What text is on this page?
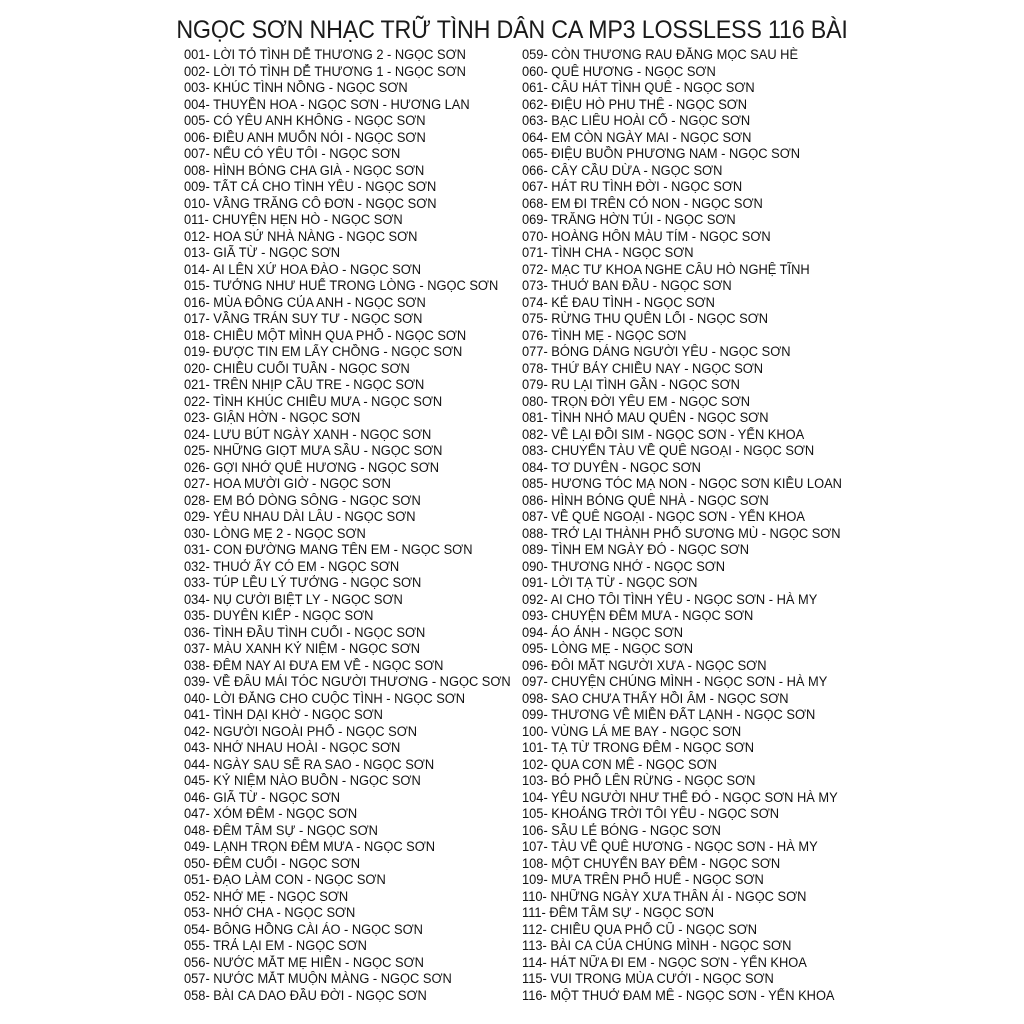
NGỌC SƠN NHẠC TRỮ TÌNH DÂN CA MP3 LOSSLESS 116 BÀI
001- LỜI TỎ TÌNH DỄ THƯƠNG 2 - NGỌC SƠN
002- LỜI TỎ TÌNH DỄ THƯƠNG 1 - NGỌC SƠN
003- KHÚC TÌNH NỒNG - NGỌC SƠN
004- THUYỀN HOA - NGỌC SƠN - HƯƠNG LAN
005- CÓ YÊU ANH KHÔNG - NGỌC SƠN
006- ĐIỀU ANH MUỐN NÓI - NGỌC SƠN
007- NẾU CÓ YÊU TÔI - NGỌC SƠN
008- HÌNH BÓNG CHA GIÀ - NGỌC SƠN
009- TẤT CẢ CHO TÌNH YÊU - NGỌC SƠN
010- VẦNG TRĂNG CÔ ĐƠN - NGỌC SƠN
011- CHUYỆN HẸN HÒ - NGỌC SƠN
012- HOA SỨ NHÀ NÀNG - NGỌC SƠN
013- GIÃ TỪ - NGỌC SƠN
014- AI LÊN XỨ HOA ĐÀO - NGỌC SƠN
015- TƯỞNG NHƯ HUẾ TRONG LÒNG - NGỌC SƠN
016- MÙA ĐÔNG CỦA ANH - NGỌC SƠN
017- VẦNG TRÁN SUY TƯ - NGỌC SƠN
018- CHIỀU MỘT MÌNH QUA PHỐ - NGỌC SƠN
019- ĐƯỢC TIN EM LẤY CHỒNG - NGỌC SƠN
020- CHIỀU CUỐI TUẦN - NGỌC SƠN
021- TRÊN NHỊP CẦU TRE - NGỌC SƠN
022- TÌNH KHÚC CHIỀU MƯA - NGỌC SƠN
023- GIẬN HỜN - NGỌC SƠN
024- LƯU BÚT NGÀY XANH - NGỌC SƠN
025- NHỮNG GIỌT MƯA SẦU - NGỌC SƠN
026- GỢI NHỚ QUÊ HƯƠNG - NGỌC SƠN
027- HOA MƯỜI GIỜ - NGỌC SƠN
028- EM BỎ DÒNG SÔNG - NGỌC SƠN
029- YÊU NHAU DÀI LÂU - NGỌC SƠN
030- LÒNG MẸ 2 - NGỌC SƠN
031- CON ĐƯỜNG MANG TÊN EM - NGỌC SƠN
032- THUỞ ẤY CÓ EM - NGỌC SƠN
033- TÚP LỀU LÝ TƯỞNG - NGỌC SƠN
034- NỤ CƯỜI BIỆT LY - NGỌC SƠN
035- DUYÊN KIẾP - NGỌC SƠN
036- TÌNH ĐẦU TÌNH CUỐI - NGỌC SƠN
037- MÀU XANH KỶ NIỆM - NGỌC SƠN
038- ĐÊM NAY AI ĐƯA EM VỀ - NGỌC SƠN
039- VỀ ĐÂU MÁI TÓC NGƯỜI THƯƠNG - NGỌC SƠN
040- LỜI ĐẮNG CHO CUỘC TÌNH - NGỌC SƠN
041- TÌNH DẠI KHỜ - NGỌC SƠN
042- NGƯỜI NGOÀI PHỐ - NGỌC SƠN
043- NHỚ NHAU HOÀI - NGỌC SƠN
044- NGÀY SAU SẼ RA SAO - NGỌC SƠN
045- KỶ NIỆM NÀO BUỒN - NGỌC SƠN
046- GIÃ TỪ - NGỌC SƠN
047- XÓM ĐÊM - NGỌC SƠN
048- ĐÊM TÂM SỰ - NGỌC SƠN
049- LẠNH TRỌN ĐÊM MƯA - NGỌC SƠN
050- ĐÊM CUỐI - NGỌC SƠN
051- ĐẠO LÀM CON - NGỌC SƠN
052- NHỚ MẸ - NGỌC SƠN
053- NHỚ CHA - NGỌC SƠN
054- BÔNG HỒNG CÀI ÁO - NGỌC SƠN
055- TRẢ LẠI EM - NGỌC SƠN
056- NƯỚC MẮT MẸ HIỀN - NGỌC SƠN
057- NƯỚC MẮT MUỘN MÀNG - NGỌC SƠN
058- BÀI CA DAO ĐẦU ĐỜI - NGỌC SƠN
059- CÒN THƯƠNG RAU ĐẮNG MỌC SAU HÈ
060- QUÊ HƯƠNG - NGỌC SƠN
061- CÂU HÁT TÌNH QUÊ - NGỌC SƠN
062- ĐIỆU HÒ PHU THÊ - NGỌC SƠN
063- BẠC LIÊU HOÀI CỔ - NGỌC SƠN
064- EM CÒN NGÀY MAI - NGỌC SƠN
065- ĐIỆU BUỒN PHƯƠNG NAM - NGỌC SƠN
066- CÂY CẦU DỪA - NGỌC SƠN
067- HÁT RU TÌNH ĐỜI - NGỌC SƠN
068- EM ĐI TRÊN CỎ NON - NGỌC SƠN
069- TRĂNG HỜN TỦI - NGỌC SƠN
070- HOÀNG HÔN MÀU TÍM - NGỌC SƠN
071- TÌNH CHA - NGỌC SƠN
072- MẠC TƯ KHOA NGHE CÂU HÒ NGHỆ TĨNH
073- THUỞ BAN ĐẦU - NGỌC SƠN
074- KẺ ĐAU TÌNH - NGỌC SƠN
075- RỪNG THU QUÊN LỐI - NGỌC SƠN
076- TÌNH MẸ - NGỌC SƠN
077- BÓNG DÁNG NGƯỜI YÊU - NGỌC SƠN
078- THỨ BẢY CHIỀU NAY - NGỌC SƠN
079- RU LẠI TÌNH GẦN - NGỌC SƠN
080- TRỌN ĐỜI YÊU EM - NGỌC SƠN
081- TÌNH NHỎ MAU QUÊN - NGỌC SƠN
082- VỀ LẠI ĐỒI SIM - NGỌC SƠN - YẾN KHOA
083- CHUYẾN TÀU VỀ QUÊ NGOẠI - NGỌC SƠN
084- TƠ DUYÊN - NGỌC SƠN
085- HƯƠNG TÓC MẠ NON - NGỌC SƠN KIỀU LOAN
086- HÌNH BÓNG QUÊ NHÀ - NGỌC SƠN
087- VỀ QUÊ NGOẠI - NGỌC SƠN - YẾN KHOA
088- TRỞ LẠI THÀNH PHỐ SƯƠNG MÙ - NGỌC SƠN
089- TÌNH EM NGÀY ĐÓ - NGỌC SƠN
090- THƯƠNG NHỚ - NGỌC SƠN
091- LỜI TẠ TỪ - NGỌC SƠN
092- AI CHO TÔI TÌNH YÊU - NGỌC SƠN - HÀ MY
093- CHUYỆN ĐÊM MƯA - NGỌC SƠN
094- ẢO ẢNH - NGỌC SƠN
095- LÒNG MẸ - NGỌC SƠN
096- ĐÔI MẮT NGƯỜI XƯA - NGỌC SƠN
097- CHUYỆN CHÚNG MÌNH - NGỌC SƠN - HÀ MY
098- SAO CHƯA THẤY HỒI ÂM - NGỌC SƠN
099- THƯƠNG VỀ MIỀN ĐẤT LẠNH - NGỌC SƠN
100- VÙNG LÁ ME BAY - NGỌC SƠN
101- TẠ TỪ TRONG ĐÊM - NGỌC SƠN
102- QUA CƠN MÊ - NGỌC SƠN
103- BỎ PHỐ LÊN RỪNG - NGỌC SƠN
104- YÊU NGƯỜI NHƯ THẾ ĐÓ - NGỌC SƠN HÀ MY
105- KHOẢNG TRỜI TÔI YÊU - NGỌC SƠN
106- SẦU LẺ BÓNG - NGỌC SƠN
107- TÀU VỀ QUÊ HƯƠNG - NGỌC SƠN - HÀ MY
108- MỘT CHUYẾN BAY ĐÊM - NGỌC SƠN
109- MƯA TRÊN PHỐ HUẾ - NGỌC SƠN
110- NHỮNG NGÀY XƯA THÂN ÁI - NGỌC SƠN
111- ĐÊM TÂM SỰ - NGỌC SƠN
112- CHIỀU QUA PHỐ CŨ - NGỌC SƠN
113- BÀI CA CỦA CHÚNG MÌNH - NGỌC SƠN
114- HÁT NỮA ĐI EM - NGỌC SƠN - YẾN KHOA
115- VUI TRONG MÙA CƯỚI - NGỌC SƠN
116- MỘT THUỞ ĐAM MÊ - NGỌC SƠN - YẾN KHOA
